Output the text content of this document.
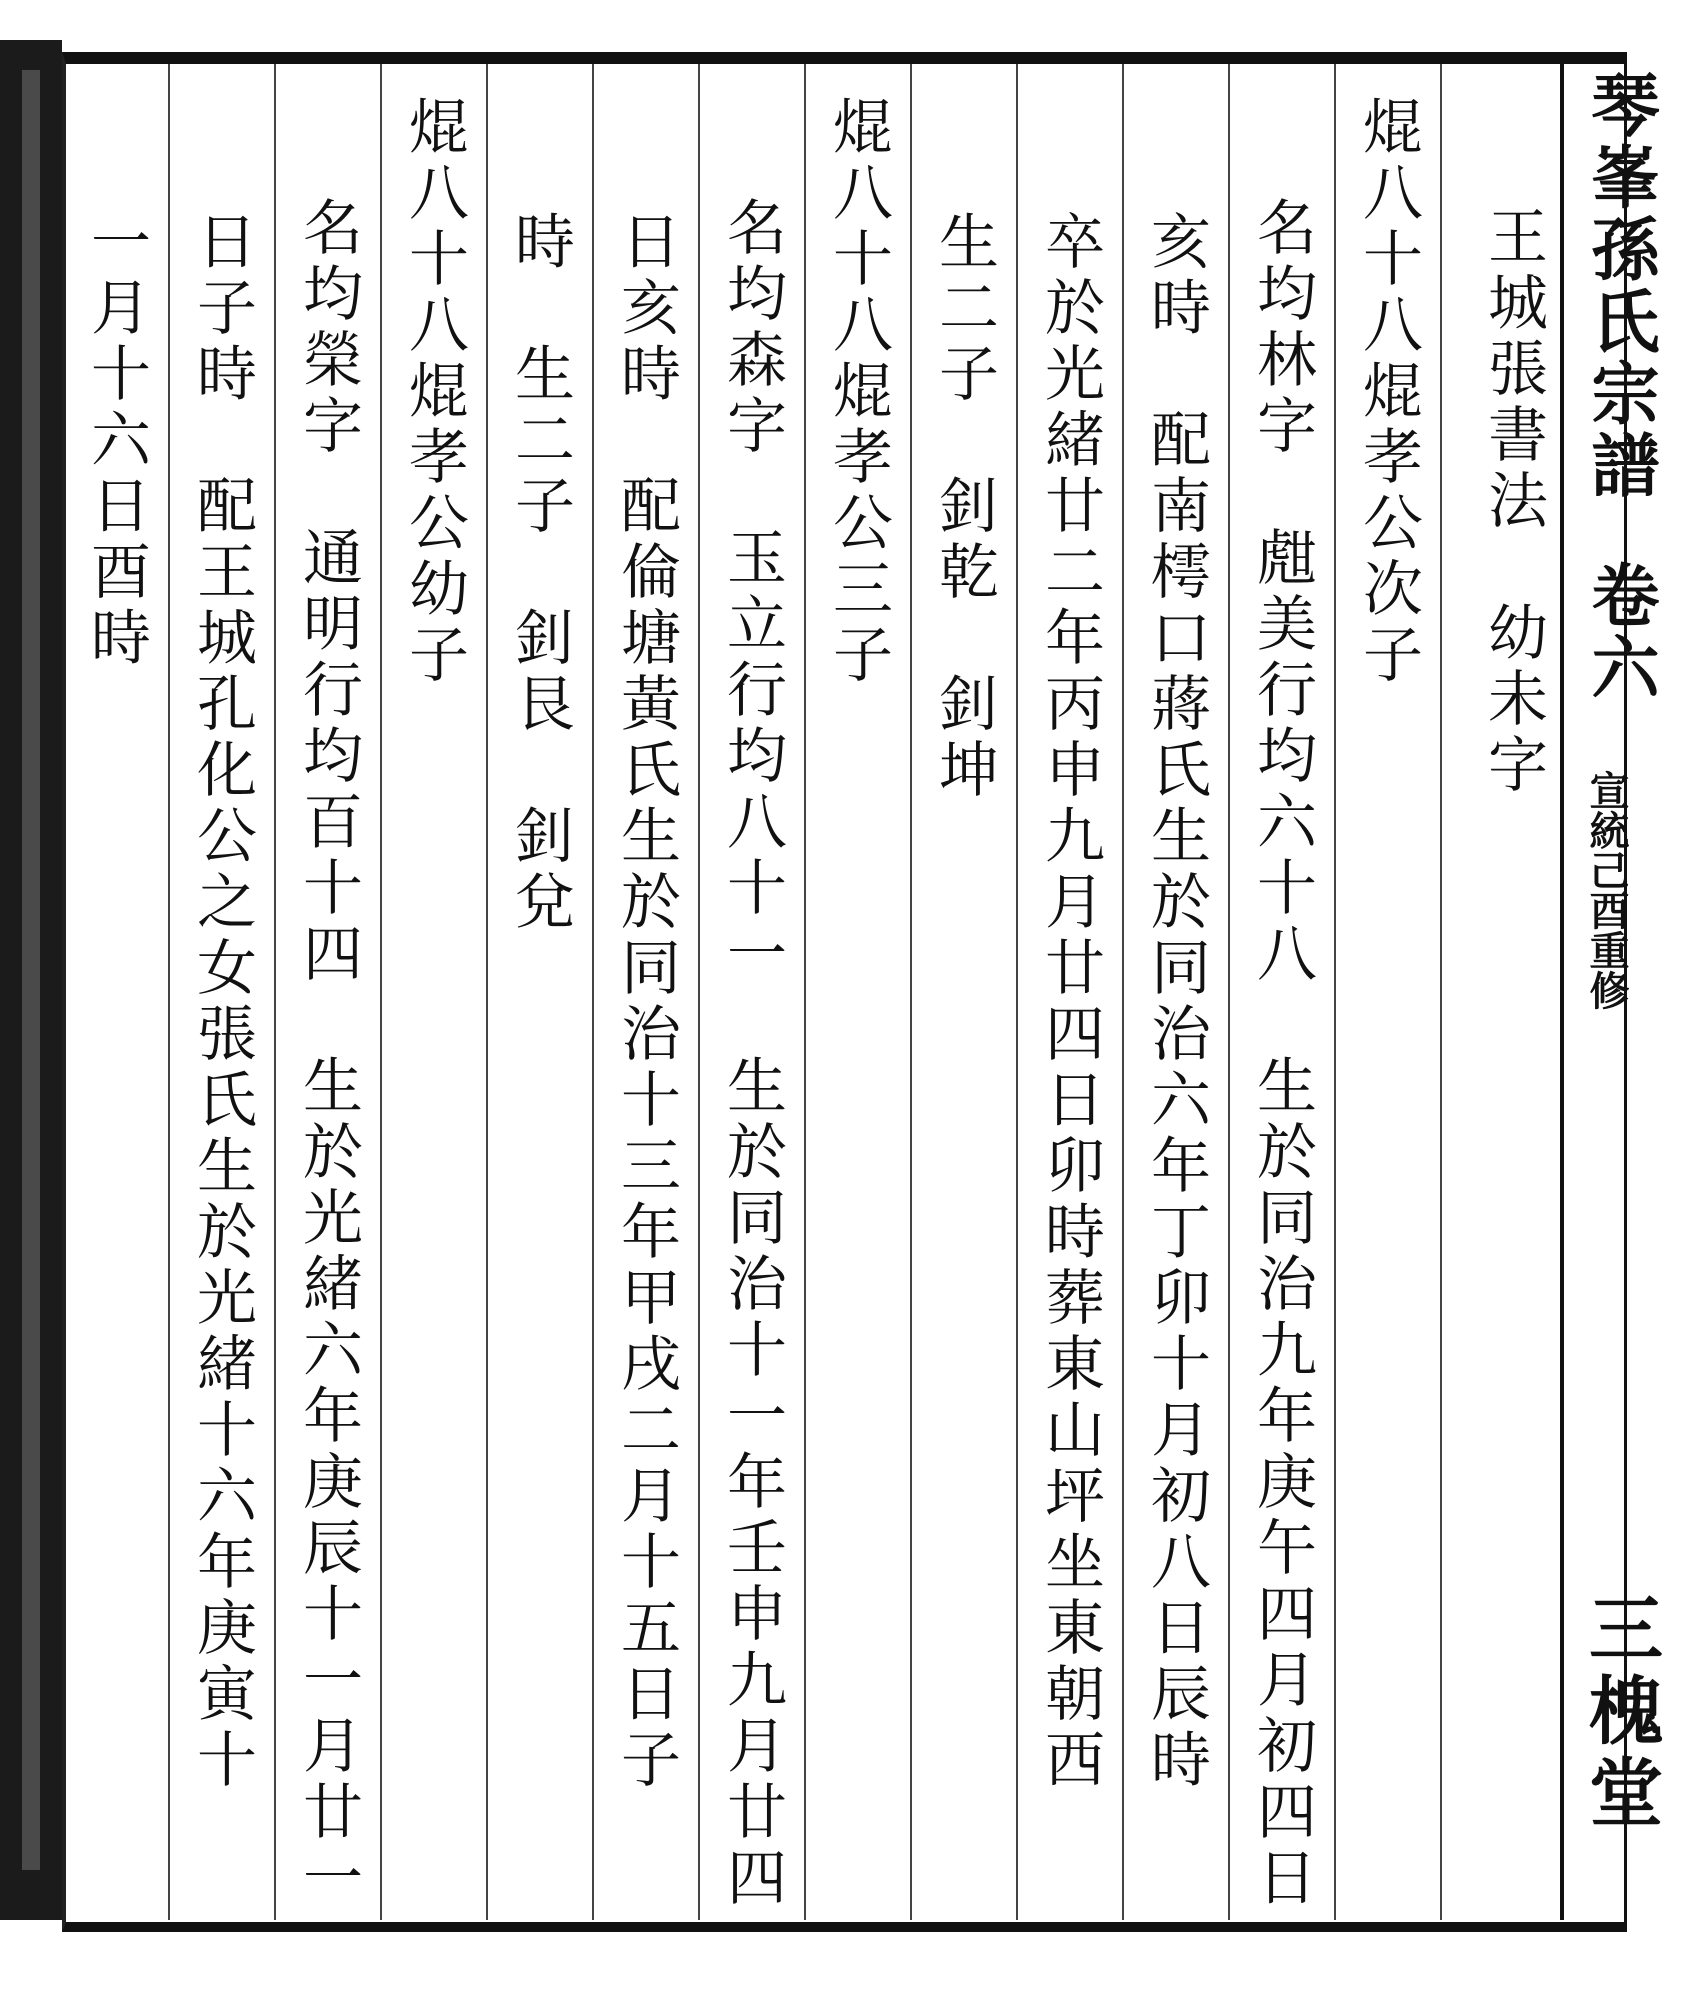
琴峯孫氏宗譜
卷六
宣統己酉重修
三槐堂
王城張書法　幼未字
焜八十八焜孝公次子
　名均林字　甝美行均六十八　生於同治九年庚午四月初四日
亥時　配南樗口蔣氏生於同治六年丁卯十月初八日辰時
卒於光緒廿二年丙申九月廿四日卯時葬東山坪坐東朝西
生二子　釗乾　釗坤
焜八十八焜孝公三子
　名均森字　玉立行均八十一　生於同治十一年壬申九月廿四
日亥時　配倫塘黃氏生於同治十三年甲戌二月十五日子
時　生二子　釗艮　釗兌
焜八十八焜孝公幼子
　名均榮字　通明行均百十四　生於光緒六年庚辰十一月廿一
日子時　配王城孔化公之女張氏生於光緒十六年庚寅十
一月十六日酉時
